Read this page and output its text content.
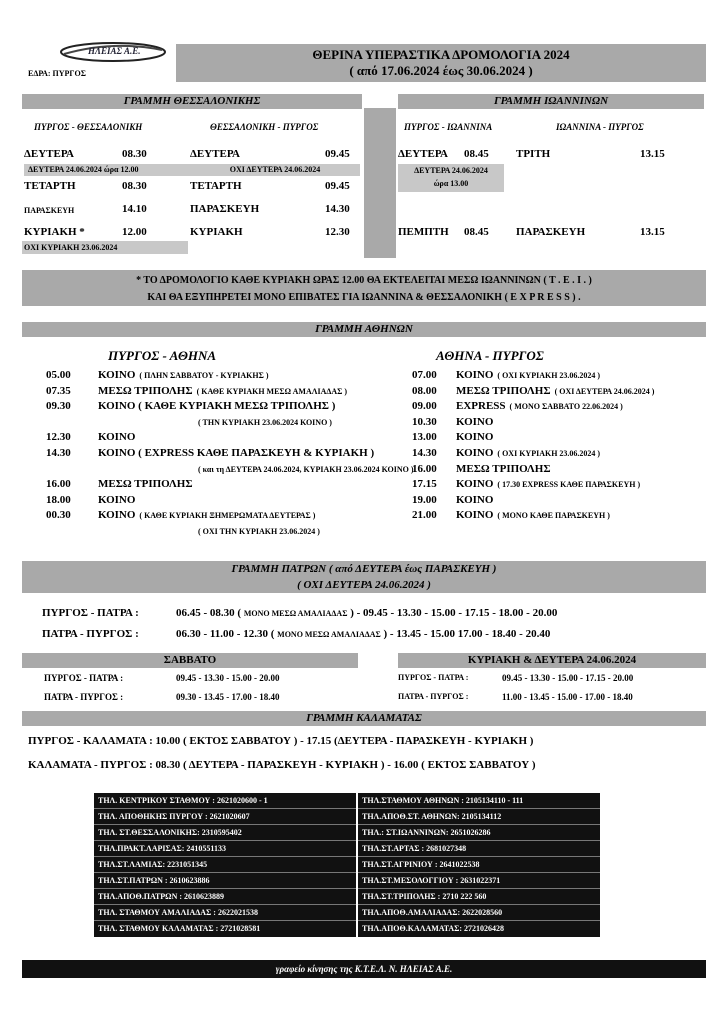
ΗΛΕΙΑΣ Α.Ε.
ΕΔΡΑ: ΠΥΡΓΟΣ
ΘΕΡΙΝΑ ΥΠΕΡΑΣΤΙΚΑ ΔΡΟΜΟΛΟΓΙΑ 2024
( από 17.06.2024 έως 30.06.2024 )
ΓΡΑΜΜΗ ΘΕΣΣΑΛΟΝΙΚΗΣ
ΠΥΡΓΟΣ - ΘΕΣΣΑΛΟΝΙΚΗ	ΘΕΣΣΑΛΟΝΙΚΗ - ΠΥΡΓΟΣ
ΔΕΥΤΕΡΑ	08.30	ΔΕΥΤΕΡΑ	09.45
ΔΕΥΤΕΡΑ 24.06.2024 ώρα 12.00	ΟΧΙ ΔΕΥΤΕΡΑ 24.06.2024
ΤΕΤΑΡΤΗ	08.30	ΤΕΤΑΡΤΗ	09.45
ΠΑΡΑΣΚΕΥΗ	14.10	ΠΑΡΑΣΚΕΥΗ	14.30
ΚΥΡΙΑΚΗ *	12.00	ΚΥΡΙΑΚΗ	12.30
ΟΧΙ ΚΥΡΙΑΚΗ 23.06.2024
ΓΡΑΜΜΗ ΙΩΑΝΝΙΝΩΝ
ΠΥΡΓΟΣ - ΙΩΑΝΝΙΝΑ	ΙΩΑΝΝΙΝΑ - ΠΥΡΓΟΣ
ΔΕΥΤΕΡΑ 08.45 ΤΡΙΤΗ	13.15
ΔΕΥΤΕΡΑ 24.06.2024
ώρα 13.00
ΠΕΜΠΤΗ 08.45 ΠΑΡΑΣΚΕΥΗ	13.15
* ΤΟ ΔΡΟΜΟΛΟΓΙΟ ΚΑΘΕ ΚΥΡΙΑΚΗ ΩΡΑΣ 12.00 ΘΑ ΕΚΤΕΛΕΙΤΑΙ ΜΕΣΩ ΙΩΑΝΝΙΝΩΝ ( Τ . Ε . Ι . )
ΚΑΙ ΘΑ ΕΞΥΠΗΡΕΤΕΙ ΜΟΝΟ ΕΠΙΒΑΤΕΣ ΓΙΑ ΙΩΑΝΝΙΝΑ & ΘΕΣΣΑΛΟΝΙΚΗ ( E X P R E S S ) .
ΓΡΑΜΜΗ ΑΘΗΝΩΝ
ΠΥΡΓΟΣ - ΑΘΗΝΑ	ΑΘΗΝΑ - ΠΥΡΓΟΣ
05.00 ΚΟΙΝΟ ( ΠΛΗΝ ΣΑΒΒΑΤΟΥ - ΚΥΡΙΑΚΗΣ )
07.35 ΜΕΣΩ ΤΡΙΠΟΛΗΣ ( ΚΑΘΕ ΚΥΡΙΑΚΗ ΜΕΣΩ ΑΜΑΛΙΑΔΑΣ )
09.30 ΚΟΙΝΟ ( ΚΑΘΕ ΚΥΡΙΑΚΗ ΜΕΣΩ ΤΡΙΠΟΛΗΣ )
( ΤΗΝ ΚΥΡΙΑΚΗ 23.06.2024 ΚΟΙΝΟ )
12.30 ΚΟΙΝΟ
14.30 ΚΟΙΝΟ ( EXPRESS ΚΑΘΕ ΠΑΡΑΣΚΕΥΗ & ΚΥΡΙΑΚΗ )
( και τη ΔΕΥΤΕΡΑ 24.06.2024, ΚΥΡΙΑΚΗ 23.06.2024 ΚΟΙΝΟ )
16.00 ΜΕΣΩ ΤΡΙΠΟΛΗΣ
18.00 ΚΟΙΝΟ
00.30 ΚΟΙΝΟ ( ΚΑΘΕ ΚΥΡΙΑΚΗ ΞΗΜΕΡΩΜΑΤΑ ΔΕΥΤΕΡΑΣ )
( ΟΧΙ ΤΗΝ ΚΥΡΙΑΚΗ 23.06.2024 )
07.00 ΚΟΙΝΟ ( ΟΧΙ ΚΥΡΙΑΚΗ 23.06.2024 )
08.00 ΜΕΣΩ ΤΡΙΠΟΛΗΣ ( ΟΧΙ ΔΕΥΤΕΡΑ 24.06.2024 )
09.00 EXPRESS ( ΜΟΝΟ ΣΑΒΒΑΤΟ 22.06.2024 )
10.30 ΚΟΙΝΟ
13.00 ΚΟΙΝΟ
14.30 ΚΟΙΝΟ ( ΟΧΙ ΚΥΡΙΑΚΗ 23.06.2024 )
16.00 ΜΕΣΩ ΤΡΙΠΟΛΗΣ
17.15 ΚΟΙΝΟ ( 17.30 EXPRESS ΚΑΘΕ ΠΑΡΑΣΚΕΥΗ )
19.00 ΚΟΙΝΟ
21.00 ΚΟΙΝΟ ( ΜΟΝΟ ΚΑΘΕ ΠΑΡΑΣΚΕΥΗ )
ΓΡΑΜΜΗ ΠΑΤΡΩΝ ( από ΔΕΥΤΕΡΑ έως ΠΑΡΑΣΚΕΥΗ )
( ΟΧΙ ΔΕΥΤΕΡΑ 24.06.2024 )
ΠΥΡΓΟΣ - ΠΑΤΡΑ :	06.45 - 08.30 ( ΜΟΝΟ ΜΕΣΩ ΑΜΑΛΙΑΔΑΣ ) - 09.45 - 13.30 - 15.00 - 17.15 - 18.00 - 20.00
ΠΑΤΡΑ - ΠΥΡΓΟΣ :	06.30 - 11.00 - 12.30 ( ΜΟΝΟ ΜΕΣΩ ΑΜΑΛΙΑΔΑΣ ) - 13.45 - 15.00 17.00 - 18.40 - 20.40
ΣΑΒΒΑΤΟ
ΠΥΡΓΟΣ - ΠΑΤΡΑ :	09.45 - 13.30 - 15.00 - 20.00
ΠΑΤΡΑ - ΠΥΡΓΟΣ :	09.30 - 13.45 - 17.00 - 18.40
ΚΥΡΙΑΚΗ & ΔΕΥΤΕΡΑ 24.06.2024
ΠΥΡΓΟΣ - ΠΑΤΡΑ :	09.45 - 13.30 - 15.00 - 17.15 - 20.00
ΠΑΤΡΑ - ΠΥΡΓΟΣ :	11.00 - 13.45 - 15.00 - 17.00 - 18.40
ΓΡΑΜΜΗ ΚΑΛΑΜΑΤΑΣ
ΠΥΡΓΟΣ - ΚΑΛΑΜΑΤΑ : 10.00 ( ΕΚΤΟΣ ΣΑΒΒΑΤΟΥ ) - 17.15 (ΔΕΥΤΕΡΑ - ΠΑΡΑΣΚΕΥΗ - ΚΥΡΙΑΚΗ )
ΚΑΛΑΜΑΤΑ - ΠΥΡΓΟΣ : 08.30 ( ΔΕΥΤΕΡΑ - ΠΑΡΑΣΚΕΥΗ - ΚΥΡΙΑΚΗ ) - 16.00 ( ΕΚΤΟΣ ΣΑΒΒΑΤΟΥ )
ΤΗΛ. ΚΕΝΤΡΙΚΟΥ ΣΤΑΘΜΟΥ : 2621020600 - 1
ΤΗΛ. ΑΠΟΘΗΚΗΣ ΠΥΡΓΟΥ : 2621020607
ΤΗΛ. ΣΤ.ΘΕΣΣΑΛΟΝΙΚΗΣ: 2310595402
ΤΗΛ.ΠΡΑΚΤ.ΛΑΡΙΣΑΣ: 2410551133
ΤΗΛ.ΣΤ.ΛΑΜΙΑΣ: 2231051345
ΤΗΛ.ΣΤ.ΠΑΤΡΩΝ : 2610623886
ΤΗΛ.ΑΠΟΘ.ΠΑΤΡΩΝ : 2610623889
ΤΗΛ. ΣΤΑΘΜΟΥ ΑΜΑΛΙΑΔΑΣ : 2622021538
ΤΗΛ. ΣΤΑΘΜΟΥ ΚΑΛΑΜΑΤΑΣ : 2721028581
ΤΗΛ.ΣΤΑΘΜΟΥ ΑΘΗΝΩΝ : 2105134110 - 111
ΤΗΛ.ΑΠΟΘ.ΣΤ. ΑΘΗΝΩΝ: 2105134112
ΤΗΛ.: ΣΤ.ΙΩΑΝΝΙΝΩΝ: 2651026286
ΤΗΛ.ΣΤ.ΑΡΤΑΣ : 2681027348
ΤΗΛ.ΣΤ.ΑΓΡΙΝΙΟΥ : 2641022538
ΤΗΛ.ΣΤ.ΜΕΣΟΛΟΓΓΙΟΥ : 2631022371
ΤΗΛ.ΣΤ.ΤΡΙΠΟΛΗΣ : 2710 222 560
ΤΗΛ.ΑΠΟΘ.ΑΜΑΛΙΑΔΑΣ: 2622028560
ΤΗΛ.ΑΠΟΘ.ΚΑΛΑΜΑΤΑΣ: 2721026428
γραφείο κίνησης της Κ.Τ.Ε.Λ. Ν. ΗΛΕΙΑΣ Α.Ε.
